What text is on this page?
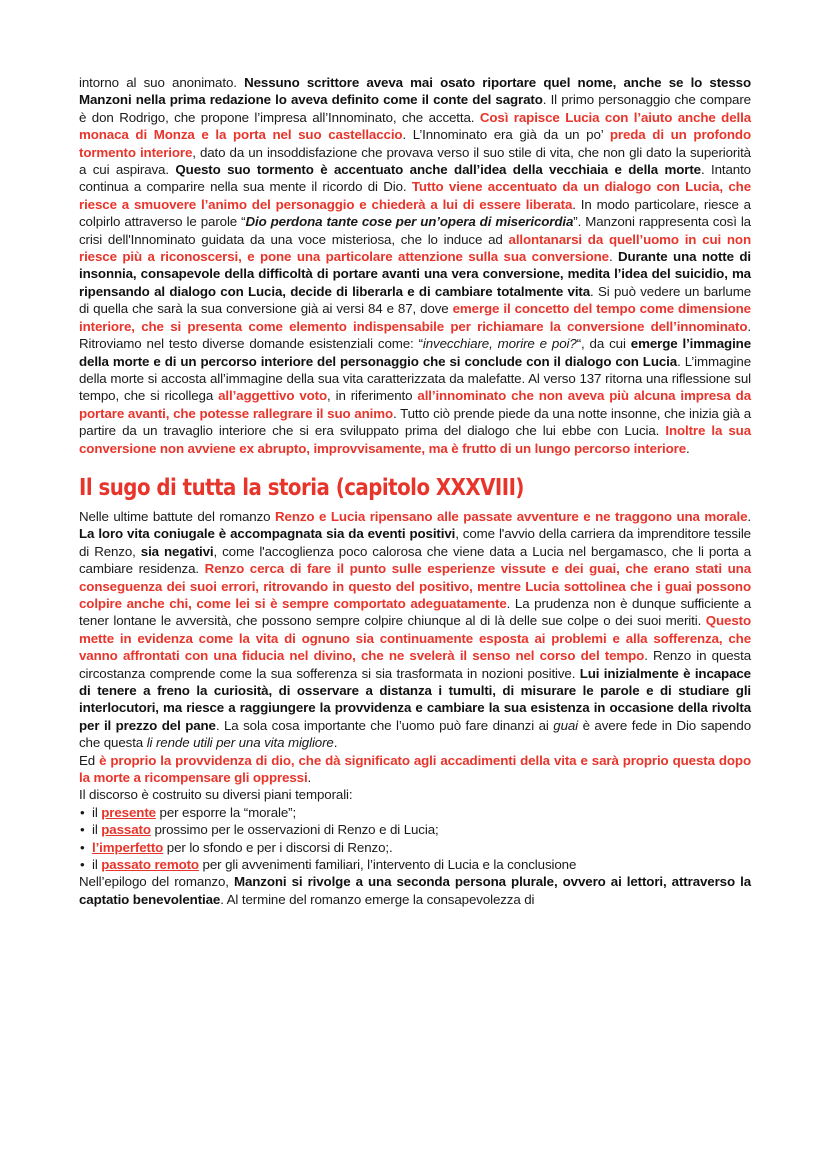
intorno al suo anonimato. Nessuno scrittore aveva mai osato riportare quel nome, anche se lo stesso Manzoni nella prima redazione lo aveva definito come il conte del sagrato. Il primo personaggio che compare è don Rodrigo, che propone l’impresa all’Innominato, che accetta. Così rapisce Lucia con l’aiuto anche della monaca di Monza e la porta nel suo castellaccio. L’Innominato era già da un po’ preda di un profondo tormento interiore, dato da un insoddisfazione che provava verso il suo stile di vita, che non gli dato la superiorità a cui aspirava. Questo suo tormento è accentuato anche dall’idea della vecchiaia e della morte. Intanto continua a comparire nella sua mente il ricordo di Dio. Tutto viene accentuato da un dialogo con Lucia, che riesce a smuovere l’animo del personaggio e chiederà a lui di essere liberata. In modo particolare, riesce a colpirlo attraverso le parole “Dio perdona tante cose per un’opera di misericordia”. Manzoni rappresenta così la crisi dell'Innominato guidata da una voce misteriosa, che lo induce ad allontanarsi da quell’uomo in cui non riesce più a riconoscersi, e pone una particolare attenzione sulla sua conversione. Durante una notte di insonnia, consapevole della difficoltà di portare avanti una vera conversione, medita l’idea del suicidio, ma ripensando al dialogo con Lucia, decide di liberarla e di cambiare totalmente vita. Si può vedere un barlume di quella che sarà la sua conversione già ai versi 84 e 87, dove emerge il concetto del tempo come dimensione interiore, che si presenta come elemento indispensabile per richiamare la conversione dell’innominato. Ritroviamo nel testo diverse domande esistenziali come: “invecchiare, morire e poi?“, da cui emerge l’immagine della morte e di un percorso interiore del personaggio che si conclude con il dialogo con Lucia. L’immagine della morte si accosta all’immagine della sua vita caratterizzata da malefatte. Al verso 137 ritorna una riflessione sul tempo, che si ricollega all’aggettivo voto, in riferimento all’innominato che non aveva più alcuna impresa da portare avanti, che potesse rallegrare il suo animo. Tutto ciò prende piede da una notte insonne, che inizia già a partire da un travaglio interiore che si era sviluppato prima del dialogo che lui ebbe con Lucia. Inoltre la sua conversione non avviene ex abrupto, improvvisamente, ma è frutto di un lungo percorso interiore.

Il sugo di tutta la storia (capitolo XXXVIII)

Nelle ultime battute del romanzo Renzo e Lucia ripensano alle passate avventure e ne traggono una morale. La loro vita coniugale è accompagnata sia da eventi positivi, come l'avvio della carriera da imprenditore tessile di Renzo, sia negativi, come l'accoglienza poco calorosa che viene data a Lucia nel bergamasco, che li porta a cambiare residenza. Renzo cerca di fare il punto sulle esperienze vissute e dei guai, che erano stati una conseguenza dei suoi errori, ritrovando in questo del positivo, mentre Lucia sottolinea che i guai possono colpire anche chi, come lei si è sempre comportato adeguatamente. La prudenza non è dunque sufficiente a tener lontane le avversità, che possono sempre colpire chiunque al di là delle sue colpe o dei suoi meriti. Questo mette in evidenza come la vita di ognuno sia continuamente esposta ai problemi e alla sofferenza, che vanno affrontati con una fiducia nel divino, che ne svelerà il senso nel corso del tempo. Renzo in questa circostanza comprende come la sua sofferenza si sia trasformata in nozioni positive. Lui inizialmente è incapace di tenere a freno la curiosità, di osservare a distanza i tumulti, di misurare le parole e di studiare gli interlocutori, ma riesce a raggiungere la provvidenza e cambiare la sua esistenza in occasione della rivolta per il prezzo del pane. La sola cosa importante che l’uomo può fare dinanzi ai guai è avere fede in Dio sapendo che questa li rende utili per una vita migliore.

Ed è proprio la provvidenza di dio, che dà significato agli accadimenti della vita e sarà proprio questa dopo la morte a ricompensare gli oppressi.

Il discorso è costruito su diversi piani temporali:

• il presente per esporre la “morale”;
• il passato prossimo per le osservazioni di Renzo e di Lucia;
• l’imperfetto per lo sfondo e per i discorsi di Renzo;.
• il passato remoto per gli avvenimenti familiari, l’intervento di Lucia e la conclusione

Nell’epilogo del romanzo, Manzoni si rivolge a una seconda persona plurale, ovvero ai lettori, attraverso la captatio benevolentiae. Al termine del romanzo emerge la consapevolezza di
